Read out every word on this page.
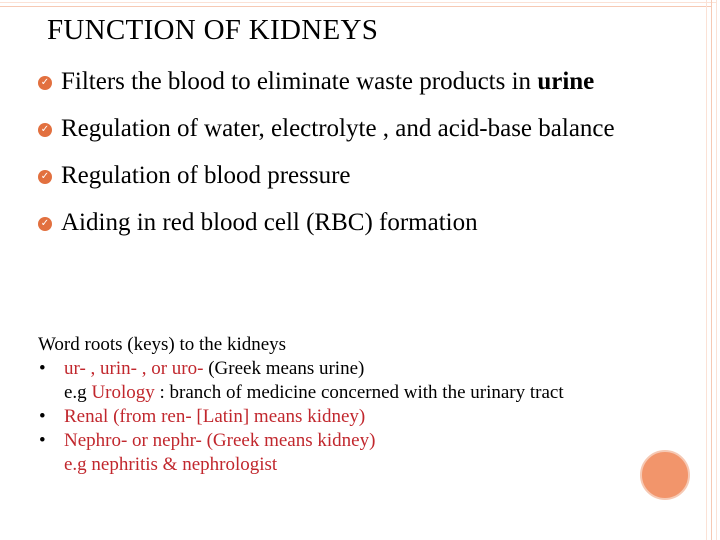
FUNCTION OF KIDNEYS
✓ Filters the blood to eliminate waste products in urine
✓ Regulation of water, electrolyte , and acid-base balance
✓ Regulation of blood pressure
✓ Aiding in red blood cell (RBC) formation
Word roots (keys) to the kidneys
• ur- , urin- , or uro- (Greek means urine)
e.g Urology : branch of medicine concerned with the urinary tract
• Renal (from ren- [Latin] means kidney)
• Nephro- or nephr- (Greek means kidney)
e.g nephritis & nephrologist
